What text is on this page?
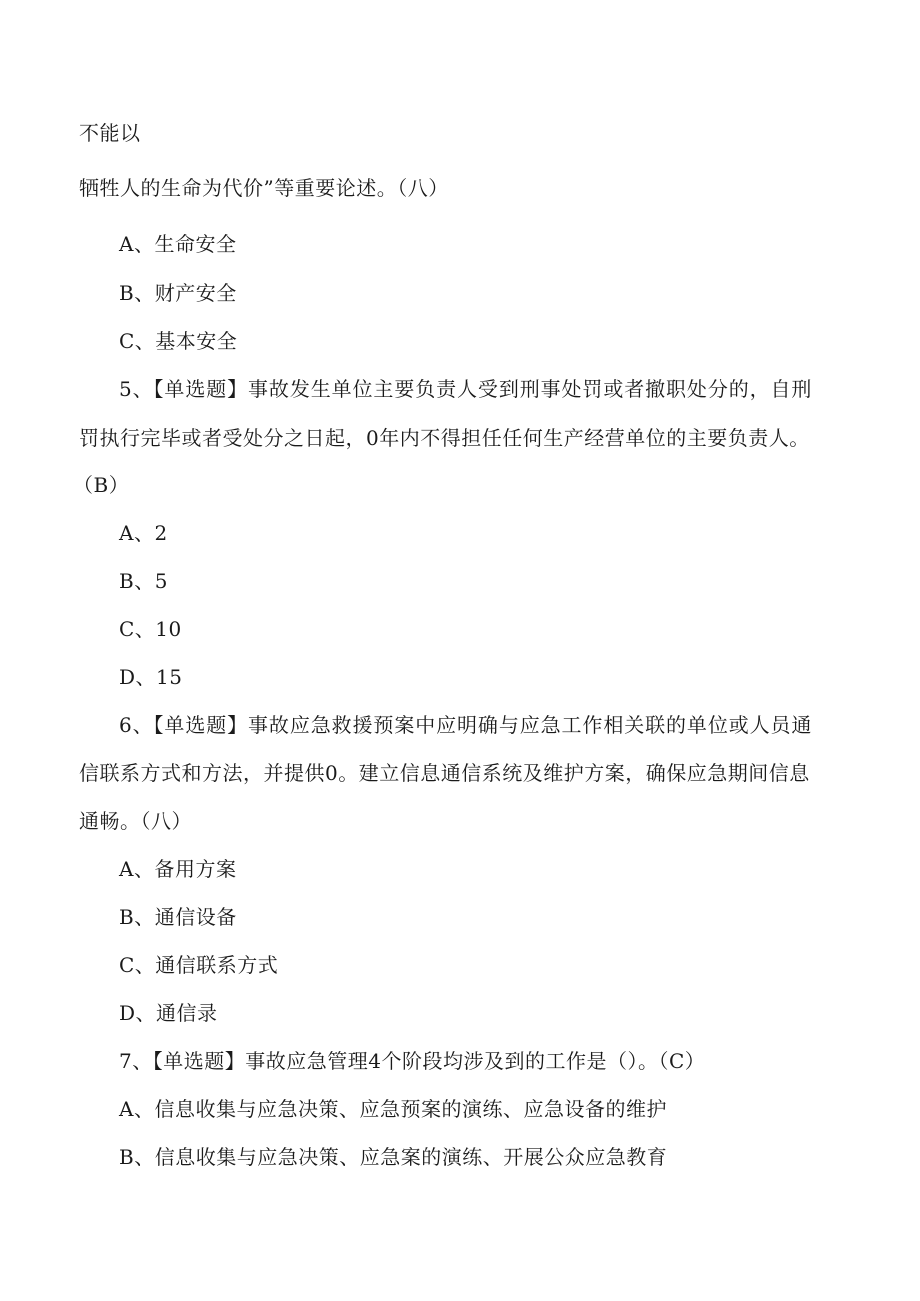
不能以
牺牲人的生命为代价”等重要论述。（八）
A、生命安全
B、财产安全
C、基本安全
5、【单选题】事故发生单位主要负责人受到刑事处罚或者撤职处分的，自刑
罚执行完毕或者受处分之日起，0年内不得担任任何生产经营单位的主要负责人。
（B）
A、2
B、5
C、10
D、15
6、【单选题】事故应急救援预案中应明确与应急工作相关联的单位或人员通
信联系方式和方法，并提供0。建立信息通信系统及维护方案，确保应急期间信息
通畅。（八）
A、备用方案
B、通信设备
C、通信联系方式
D、通信录
7、【单选题】事故应急管理4个阶段均涉及到的工作是（）。（C）
A、信息收集与应急决策、应急预案的演练、应急设备的维护
B、信息收集与应急决策、应急案的演练、开展公众应急教育
